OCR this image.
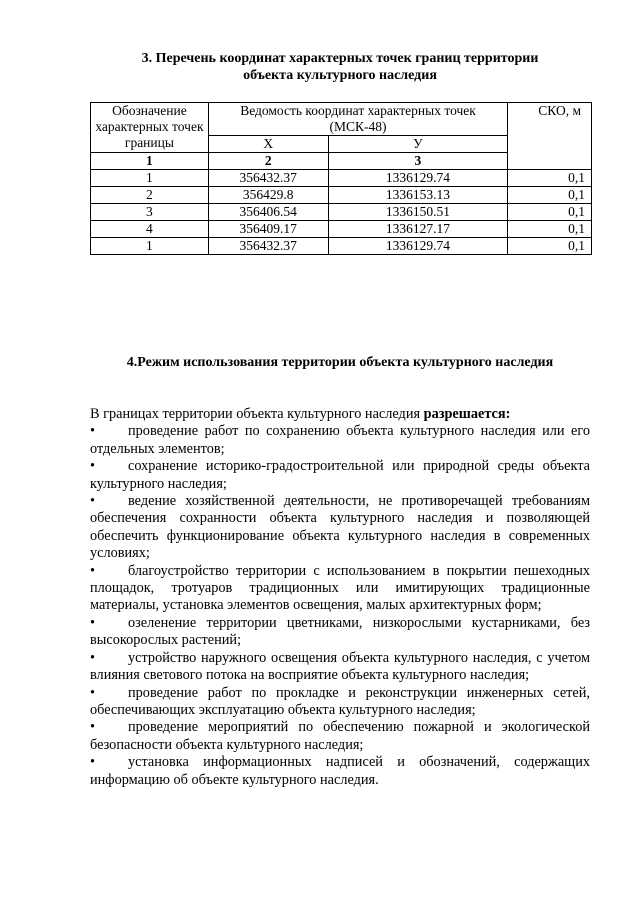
3. Перечень координат характерных точек границ территории
объекта культурного наследия
Обозначение характерных точек границы	Ведомость координат характерных точек (МСК-48)		СКО, м
	Х	У	
1	2	3	
1	356432.37	1336129.74	0,1
2	356429.8	1336153.13	0,1
3	356406.54	1336150.51	0,1
4	356409.17	1336127.17	0,1
1	356432.37	1336129.74	0,1
4.Режим использования территории объекта культурного наследия

В границах территории объекта культурного наследия разрешается:

• проведение работ по сохранению объекта культурного наследия или его отдельных элементов;

• сохранение историко-градостроительной или природной среды объекта культурного наследия;

• ведение хозяйственной деятельности, не противоречащей требованиям обеспечения сохранности объекта культурного наследия и позволяющей обеспечить функционирование объекта культурного наследия в современных условиях;

• благоустройство территории с использованием в покрытии пешеходных площадок, тротуаров традиционных или имитирующих традиционные материалы, установка элементов освещения, малых архитектурных форм;

• озеленение территории цветниками, низкорослыми кустарниками, без высокорослых растений;

• устройство наружного освещения объекта культурного наследия, с учетом влияния светового потока на восприятие объекта культурного наследия;

• проведение работ по прокладке и реконструкции инженерных сетей, обеспечивающих эксплуатацию объекта культурного наследия;

• проведение мероприятий по обеспечению пожарной и экологической безопасности объекта культурного наследия;

• установка информационных надписей и обозначений, содержащих информацию об объекте культурного наследия.
